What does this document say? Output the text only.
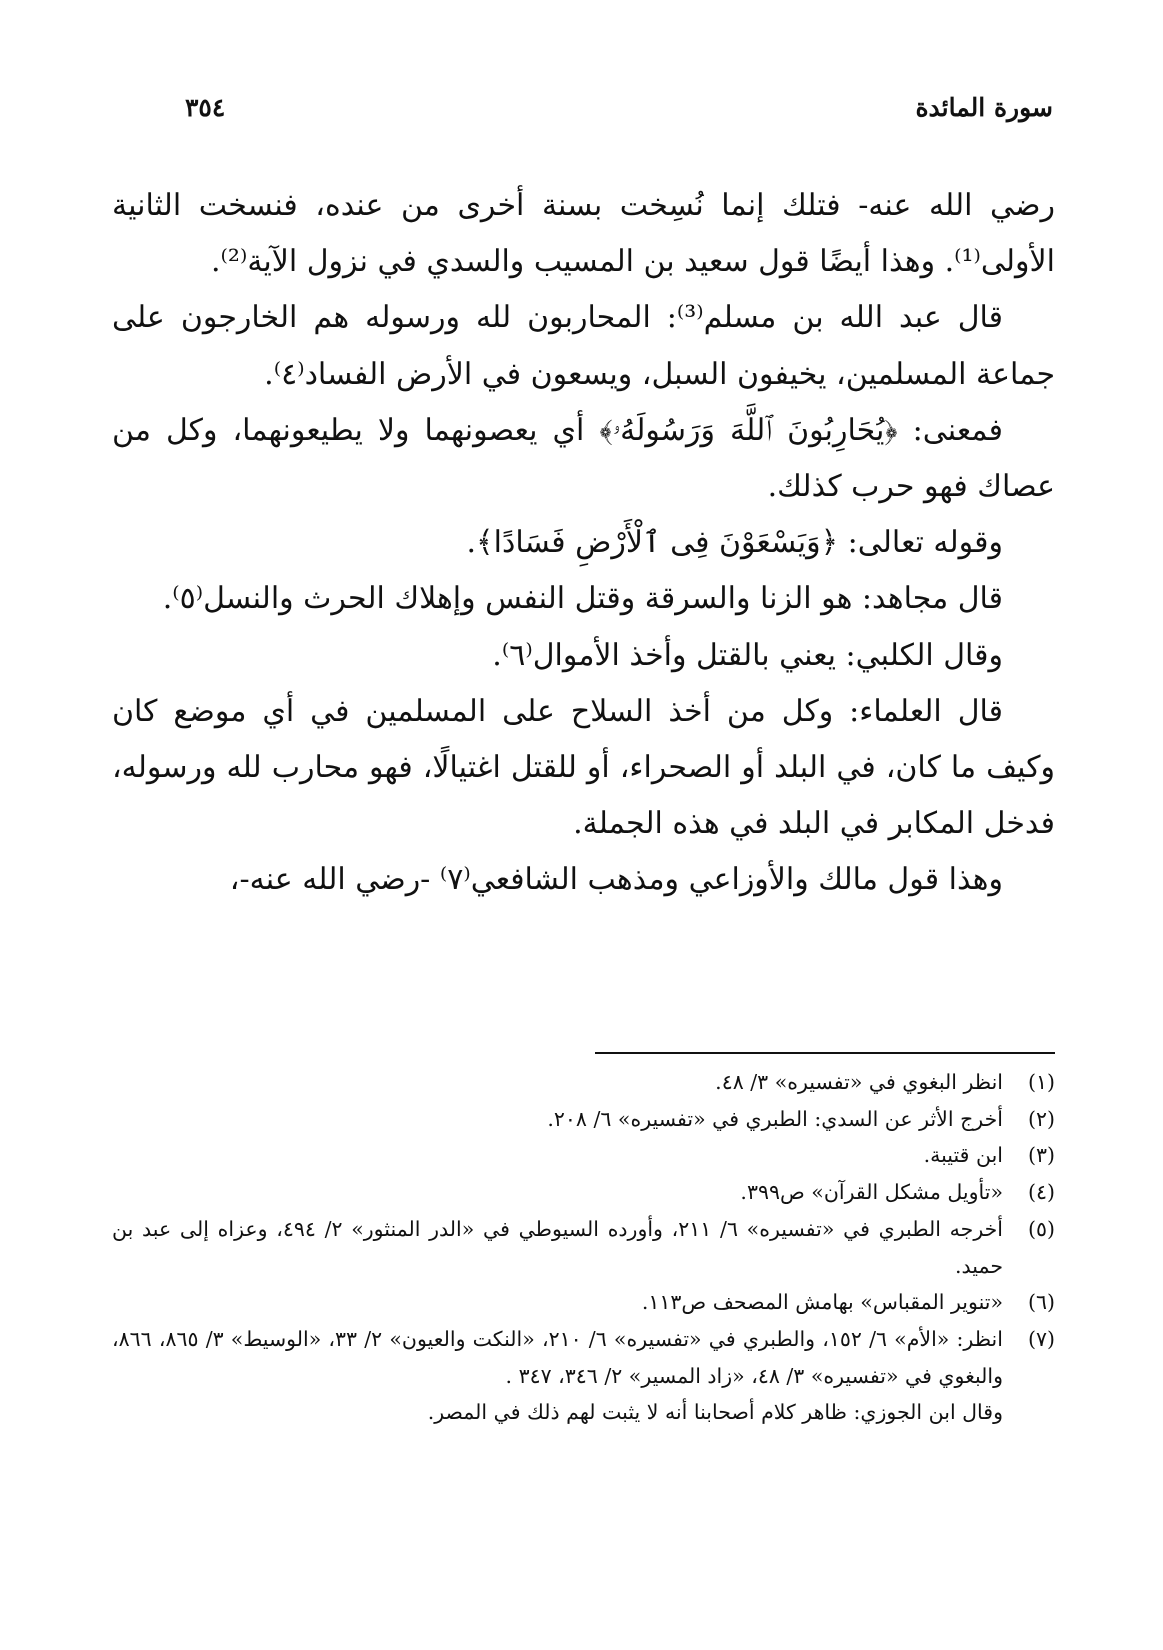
سورة المائدة
٣٥٤

رضي الله عنه- فتلك إنما نُسِخت بسنة أخرى من عنده، فنسخت الثانية الأولى⁽¹⁾. وهذا أيضًا قول سعيد بن المسيب والسدي في نزول الآية⁽²⁾.

قال عبد الله بن مسلم⁽³⁾: المحاربون لله ورسوله هم الخارجون على جماعة المسلمين، يخيفون السبل، ويسعون في الأرض الفساد⁽٤⁾.

فمعنى: ﴿يُحَارِبُونَ ٱللَّهَ وَرَسُولَهُۥ﴾ أي يعصونهما ولا يطيعونهما، وكل من عصاك فهو حرب كذلك.

وقوله تعالى: ﴿وَيَسْعَوْنَ فِى ٱلْأَرْضِ فَسَادًا﴾.

قال مجاهد: هو الزنا والسرقة وقتل النفس وإهلاك الحرث والنسل⁽٥⁾.

وقال الكلبي: يعني بالقتل وأخذ الأموال⁽٦⁾.

قال العلماء: وكل من أخذ السلاح على المسلمين في أي موضع كان وكيف ما كان، في البلد أو الصحراء، أو للقتل اغتيالًا، فهو محارب لله ورسوله، فدخل المكابر في البلد في هذه الجملة.

وهذا قول مالك والأوزاعي ومذهب الشافعي⁽٧⁾ -رضي الله عنه-،

(١)
انظر البغوي في «تفسيره» ٣/ ٤٨.
(٢)
أخرج الأثر عن السدي: الطبري في «تفسيره» ٦/ ٢٠٨.
(٣)
ابن قتيبة.
(٤)
«تأويل مشكل القرآن» ص٣٩٩.
(٥)
أخرجه الطبري في «تفسيره» ٦/ ٢١١، وأورده السيوطي في «الدر المنثور» ٢/ ٤٩٤، وعزاه إلى عبد بن حميد.
(٦)
«تنوير المقباس» بهامش المصحف ص١١٣.
(٧)
انظر: «الأم» ٦/ ١٥٢، والطبري في «تفسيره» ٦/ ٢١٠، «النكت والعيون» ٢/ ٣٣، «الوسيط» ٣/ ٨٦٥، ٨٦٦، والبغوي في «تفسيره» ٣/ ٤٨، «زاد المسير» ٢/ ٣٤٦، ٣٤٧ .
وقال ابن الجوزي: ظاهر كلام أصحابنا أنه لا يثبت لهم ذلك في المصر.
